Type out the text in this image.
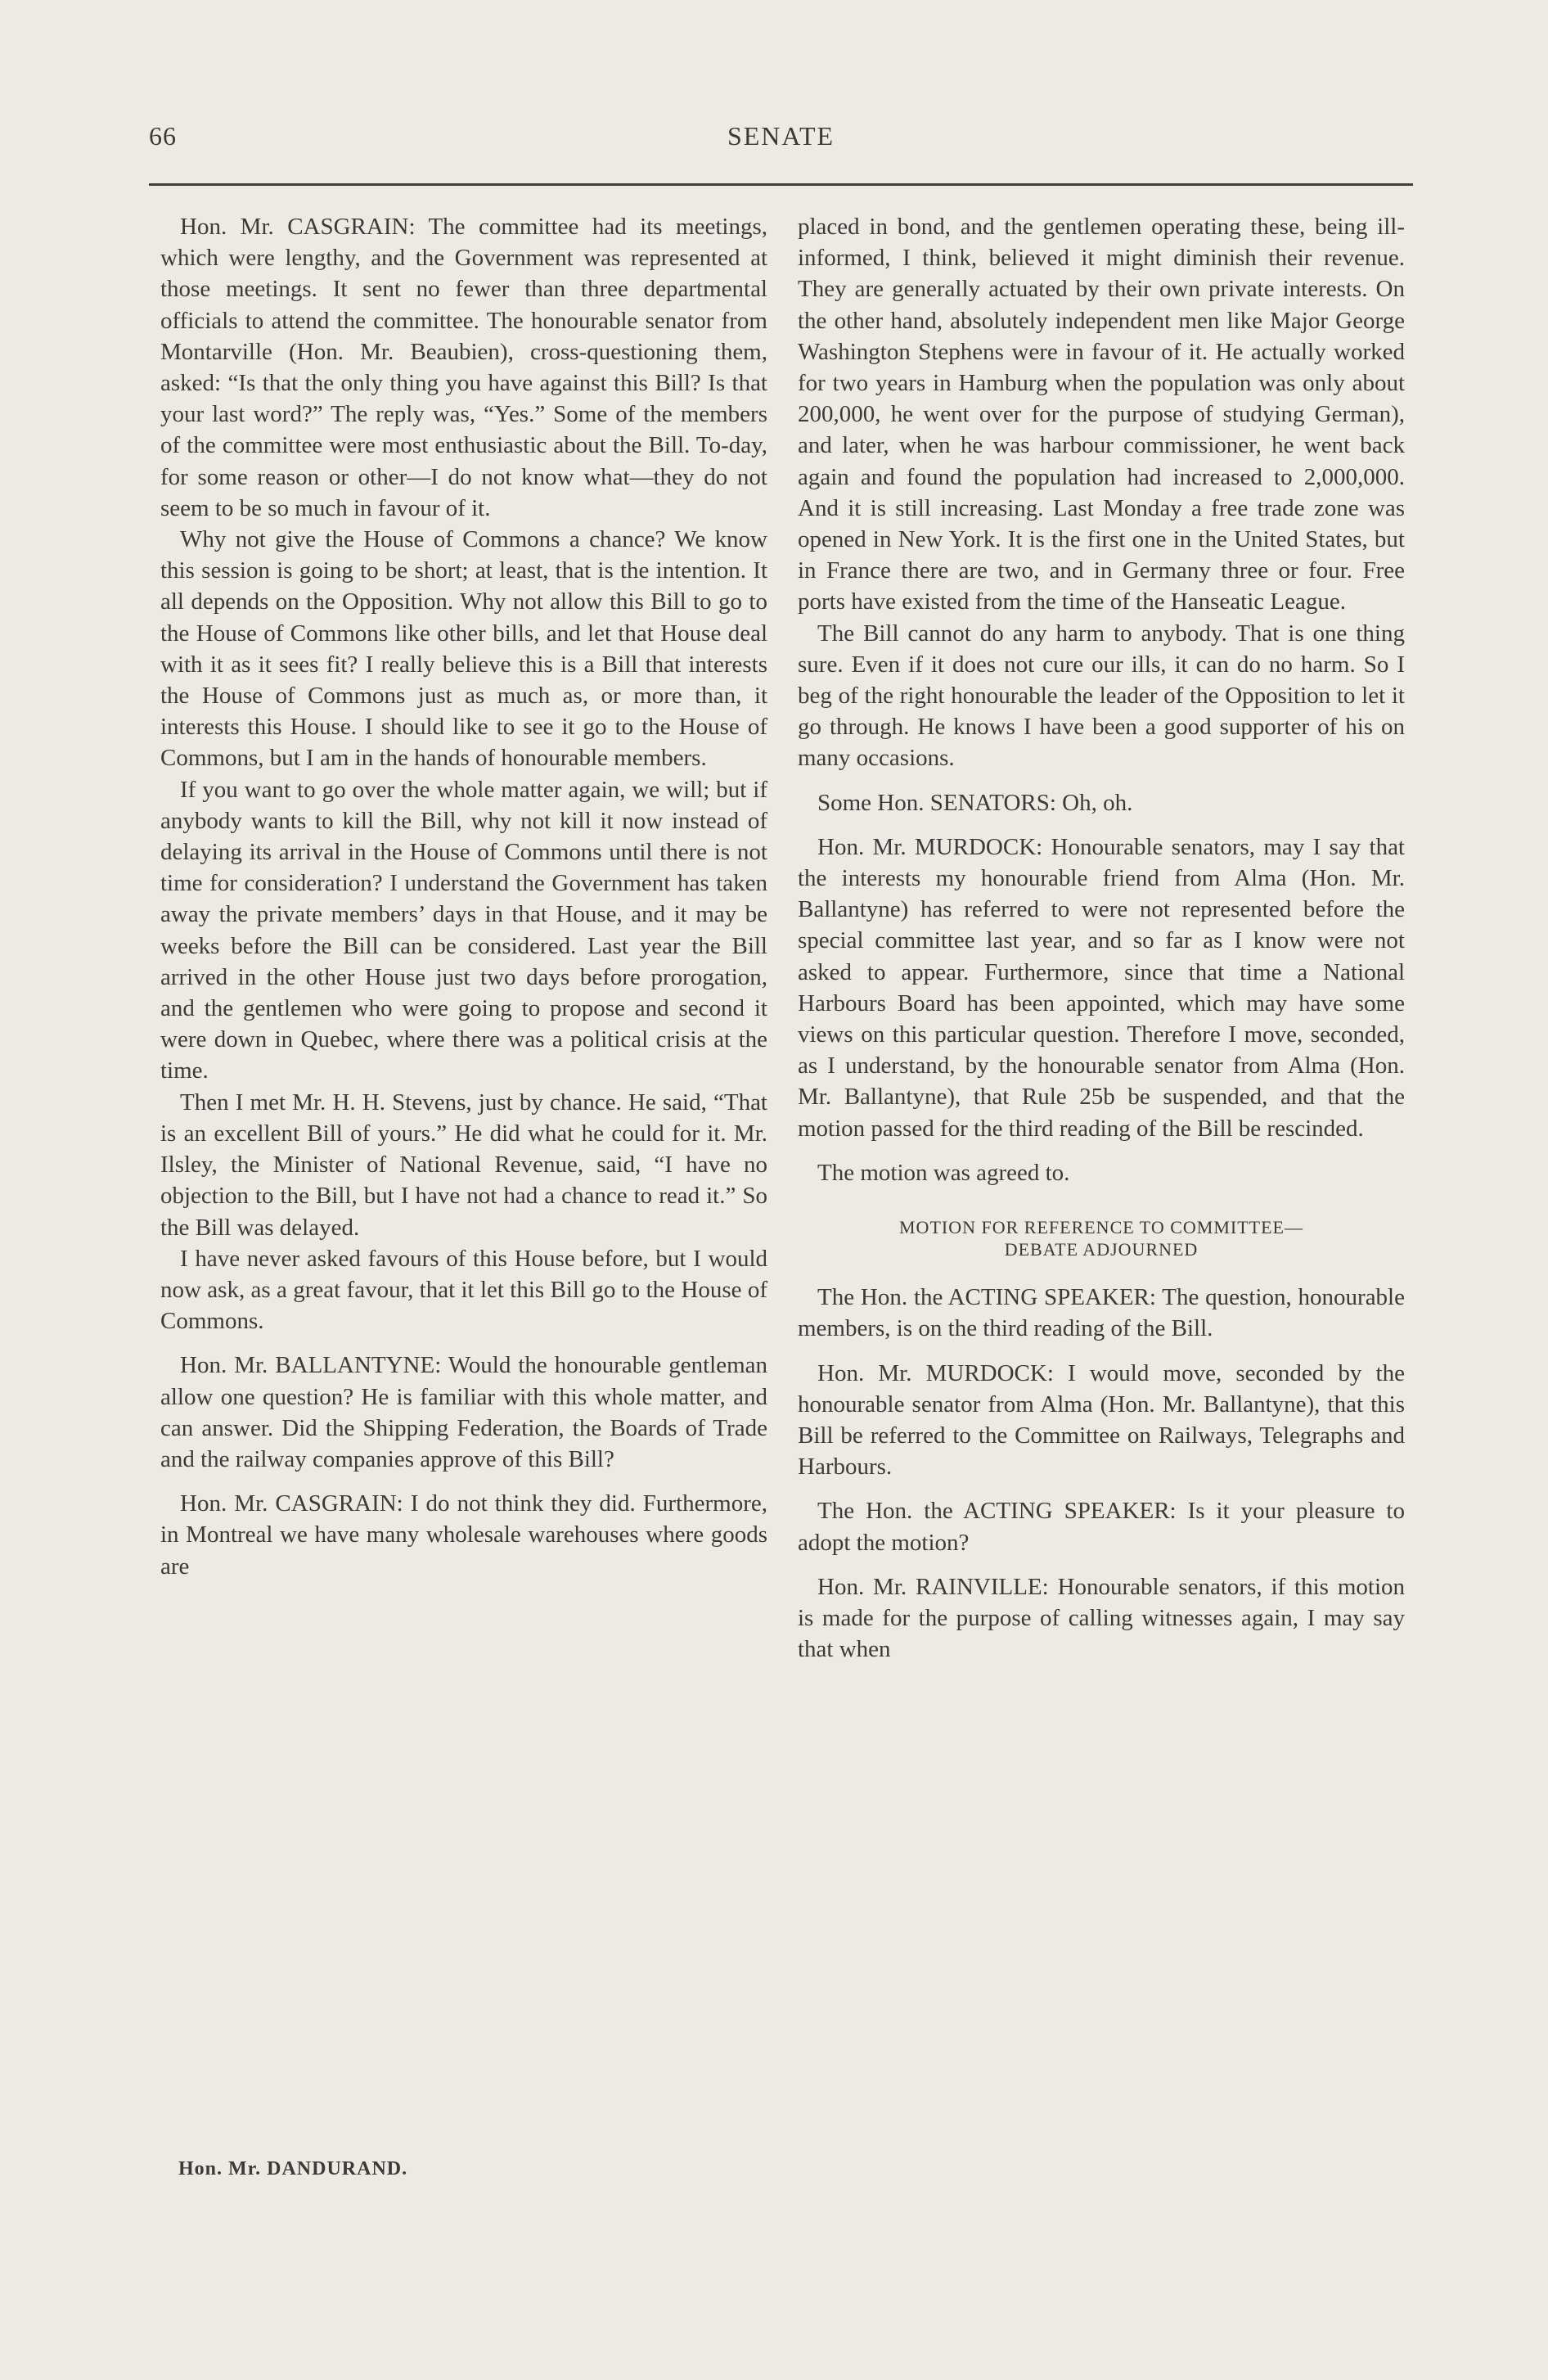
66	SENATE

Hon. Mr. CASGRAIN: The committee had its meetings, which were lengthy, and the Government was represented at those meetings. It sent no fewer than three departmental officials to attend the committee. The honourable senator from Montarville (Hon. Mr. Beaubien), cross-questioning them, asked: “Is that the only thing you have against this Bill? Is that your last word?” The reply was, “Yes.” Some of the members of the committee were most enthusiastic about the Bill. To-day, for some reason or other—I do not know what—they do not seem to be so much in favour of it.

Why not give the House of Commons a chance? We know this session is going to be short; at least, that is the intention. It all depends on the Opposition. Why not allow this Bill to go to the House of Commons like other bills, and let that House deal with it as it sees fit? I really believe this is a Bill that interests the House of Commons just as much as, or more than, it interests this House. I should like to see it go to the House of Commons, but I am in the hands of honourable members.

If you want to go over the whole matter again, we will; but if anybody wants to kill the Bill, why not kill it now instead of delaying its arrival in the House of Commons until there is not time for consideration? I understand the Government has taken away the private members’ days in that House, and it may be weeks before the Bill can be considered. Last year the Bill arrived in the other House just two days before prorogation, and the gentlemen who were going to propose and second it were down in Quebec, where there was a political crisis at the time.

Then I met Mr. H. H. Stevens, just by chance. He said, “That is an excellent Bill of yours.” He did what he could for it. Mr. Ilsley, the Minister of National Revenue, said, “I have no objection to the Bill, but I have not had a chance to read it.” So the Bill was delayed.

I have never asked favours of this House before, but I would now ask, as a great favour, that it let this Bill go to the House of Commons.

Hon. Mr. BALLANTYNE: Would the honourable gentleman allow one question? He is familiar with this whole matter, and can answer. Did the Shipping Federation, the Boards of Trade and the railway companies approve of this Bill?

Hon. Mr. CASGRAIN: I do not think they did. Furthermore, in Montreal we have many wholesale warehouses where goods are

Hon. Mr. DANDURAND.

placed in bond, and the gentlemen operating these, being ill-informed, I think, believed it might diminish their revenue. They are generally actuated by their own private interests. On the other hand, absolutely independent men like Major George Washington Stephens were in favour of it. He actually worked for two years in Hamburg when the population was only about 200,000, he went over for the purpose of studying German), and later, when he was harbour commissioner, he went back again and found the population had increased to 2,000,000. And it is still increasing. Last Monday a free trade zone was opened in New York. It is the first one in the United States, but in France there are two, and in Germany three or four. Free ports have existed from the time of the Hanseatic League.

The Bill cannot do any harm to anybody. That is one thing sure. Even if it does not cure our ills, it can do no harm. So I beg of the right honourable the leader of the Opposition to let it go through. He knows I have been a good supporter of his on many occasions.

Some Hon. SENATORS: Oh, oh.

Hon. Mr. MURDOCK: Honourable senators, may I say that the interests my honourable friend from Alma (Hon. Mr. Ballantyne) has referred to were not represented before the special committee last year, and so far as I know were not asked to appear. Furthermore, since that time a National Harbours Board has been appointed, which may have some views on this particular question. Therefore I move, seconded, as I understand, by the honourable senator from Alma (Hon. Mr. Ballantyne), that Rule 25b be suspended, and that the motion passed for the third reading of the Bill be rescinded.

The motion was agreed to.

MOTION FOR REFERENCE TO COMMITTEE—
DEBATE ADJOURNED

The Hon. the ACTING SPEAKER: The question, honourable members, is on the third reading of the Bill.

Hon. Mr. MURDOCK: I would move, seconded by the honourable senator from Alma (Hon. Mr. Ballantyne), that this Bill be referred to the Committee on Railways, Telegraphs and Harbours.

The Hon. the ACTING SPEAKER: Is it your pleasure to adopt the motion?

Hon. Mr. RAINVILLE: Honourable senators, if this motion is made for the purpose of calling witnesses again, I may say that when
